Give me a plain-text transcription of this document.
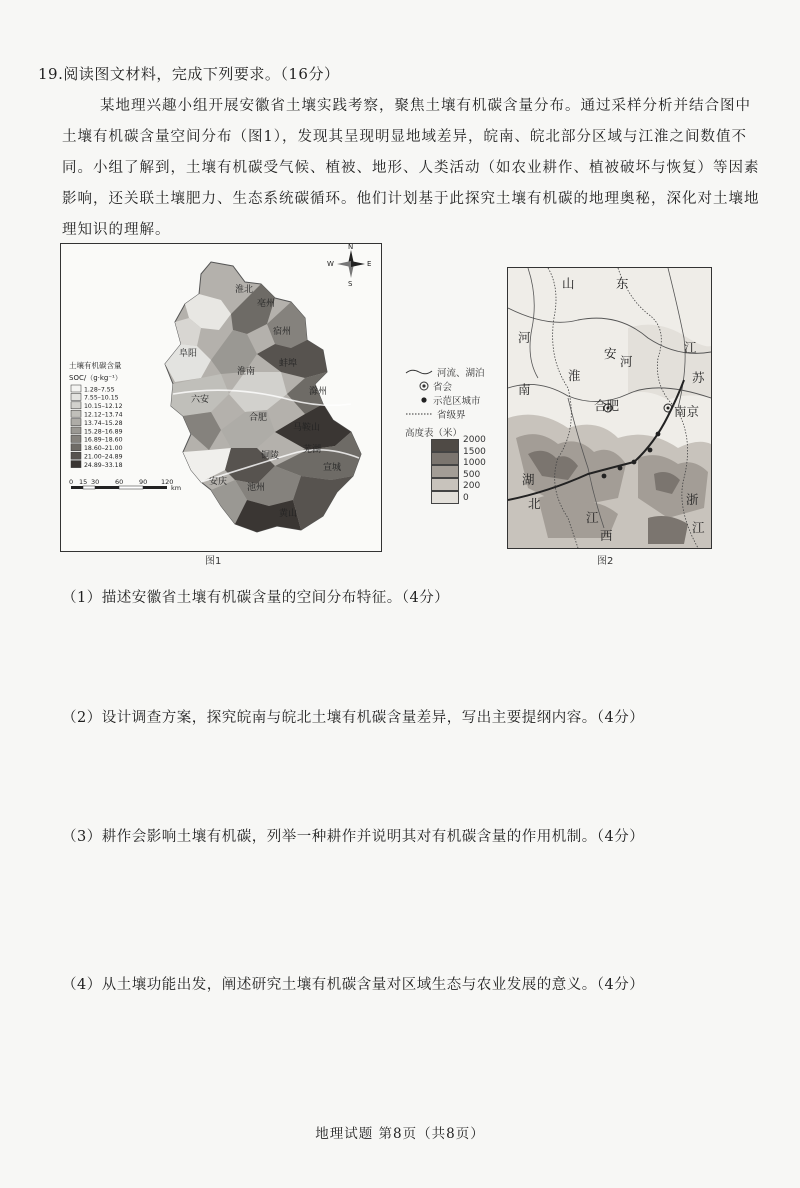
19.阅读图文材料，完成下列要求。（16分）
某地理兴趣小组开展安徽省土壤实践考察，聚焦土壤有机碳含量分布。通过采样分析并结合图中土壤有机碳含量空间分布（图1），发现其呈现明显地域差异，皖南、皖北部分区域与江淮之间数值不同。小组了解到，土壤有机碳受气候、植被、地形、人类活动（如农业耕作、植被破坏与恢复）等因素影响，还关联土壤肥力、生态系统碳循环。他们计划基于此探究土壤有机碳的地理奥秘，深化对土壤地理知识的理解。
亳州
宿州
淮北
阜阳
蚌埠
淮南
滁州
六安
合肥
马鞍山
芜湖
宣城
铜陵
池州
安庆
黄山
N
S
E
W
土壤有机碳含量
SOC/（g·kg⁻¹）
1.28–7.55
7.55–10.15
10.15–12.12
12.12–13.74
13.74–15.28
15.28–16.89
16.89–18.60
18.60–21.00
21.00–24.89
24.89–33.18
0 15 30 60 90 120
km
图1
河流、湖泊
省会
示范区城市
省级界
高度表（米）
2000
1500
1000
500
200
0
山	东
河
南
安
淮
河
江
苏
合肥	南京
湖
北
江
西
浙
江
图2
（1）描述安徽省土壤有机碳含量的空间分布特征。（4分）
（2）设计调查方案，探究皖南与皖北土壤有机碳含量差异，写出主要提纲内容。（4分）
（3）耕作会影响土壤有机碳，列举一种耕作并说明其对有机碳含量的作用机制。（4分）
（4）从土壤功能出发，阐述研究土壤有机碳含量对区域生态与农业发展的意义。（4分）
地理试题 第8页（共8页）
